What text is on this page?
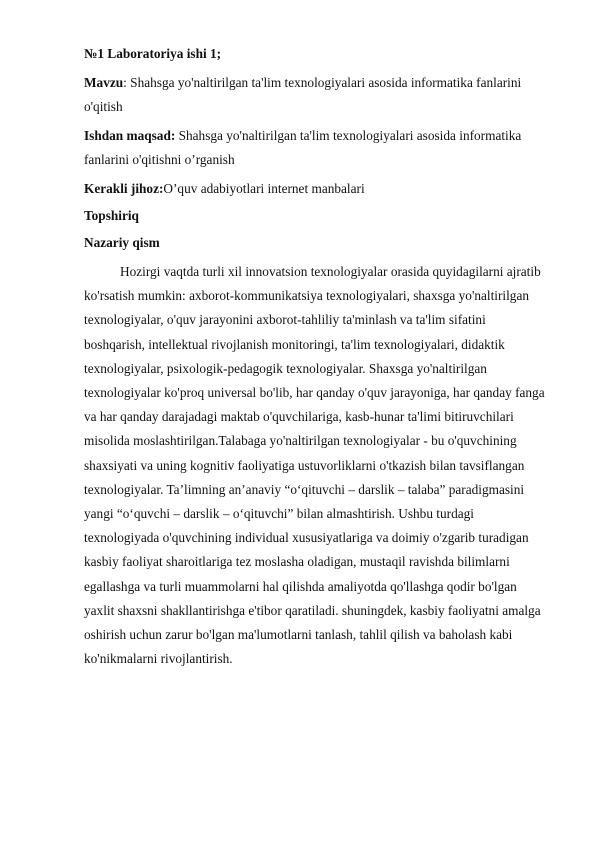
№1 Laboratoriya ishi 1;

Mavzu: Shahsga yo'naltirilgan ta'lim texnologiyalari asosida informatika fanlarini o'qitish

Ishdan maqsad: Shahsga yo'naltirilgan ta'lim texnologiyalari asosida informatika fanlarini o'qitishni o’rganish

Kerakli jihoz:O’quv adabiyotlari internet manbalari

Topshiriq

Nazariy qism

Hozirgi vaqtda turli xil innovatsion texnologiyalar orasida quyidagilarni ajratib ko'rsatish mumkin: axborot-kommunikatsiya texnologiyalari, shaxsga yo'naltirilgan texnologiyalar, o'quv jarayonini axborot-tahliliy ta'minlash va ta'lim sifatini boshqarish, intellektual rivojlanish monitoringi, ta'lim texnologiyalari, didaktik texnologiyalar, psixologik-pedagogik texnologiyalar. Shaxsga yo'naltirilgan texnologiyalar ko'proq universal bo'lib, har qanday o'quv jarayoniga, har qanday fanga va har qanday darajadagi maktab o'quvchilariga, kasb-hunar ta'limi bitiruvchilari misolida moslashtirilgan.Talabaga yo'naltirilgan texnologiyalar - bu o'quvchining shaxsiyati va uning kognitiv faoliyatiga ustuvorliklarni o'tkazish bilan tavsiflangan texnologiyalar. Ta’limning an’anaviy “o‘qituvchi – darslik – talaba” paradigmasini yangi “o‘quvchi – darslik – o‘qituvchi” bilan almashtirish. Ushbu turdagi texnologiyada o'quvchining individual xususiyatlariga va doimiy o'zgarib turadigan kasbiy faoliyat sharoitlariga tez moslasha oladigan, mustaqil ravishda bilimlarni egallashga va turli muammolarni hal qilishda amaliyotda qo'llashga qodir bo'lgan yaxlit shaxsni shakllantirishga e'tibor qaratiladi. shuningdek, kasbiy faoliyatni amalga oshirish uchun zarur bo'lgan ma'lumotlarni tanlash, tahlil qilish va baholash kabi ko'nikmalarni rivojlantirish.
